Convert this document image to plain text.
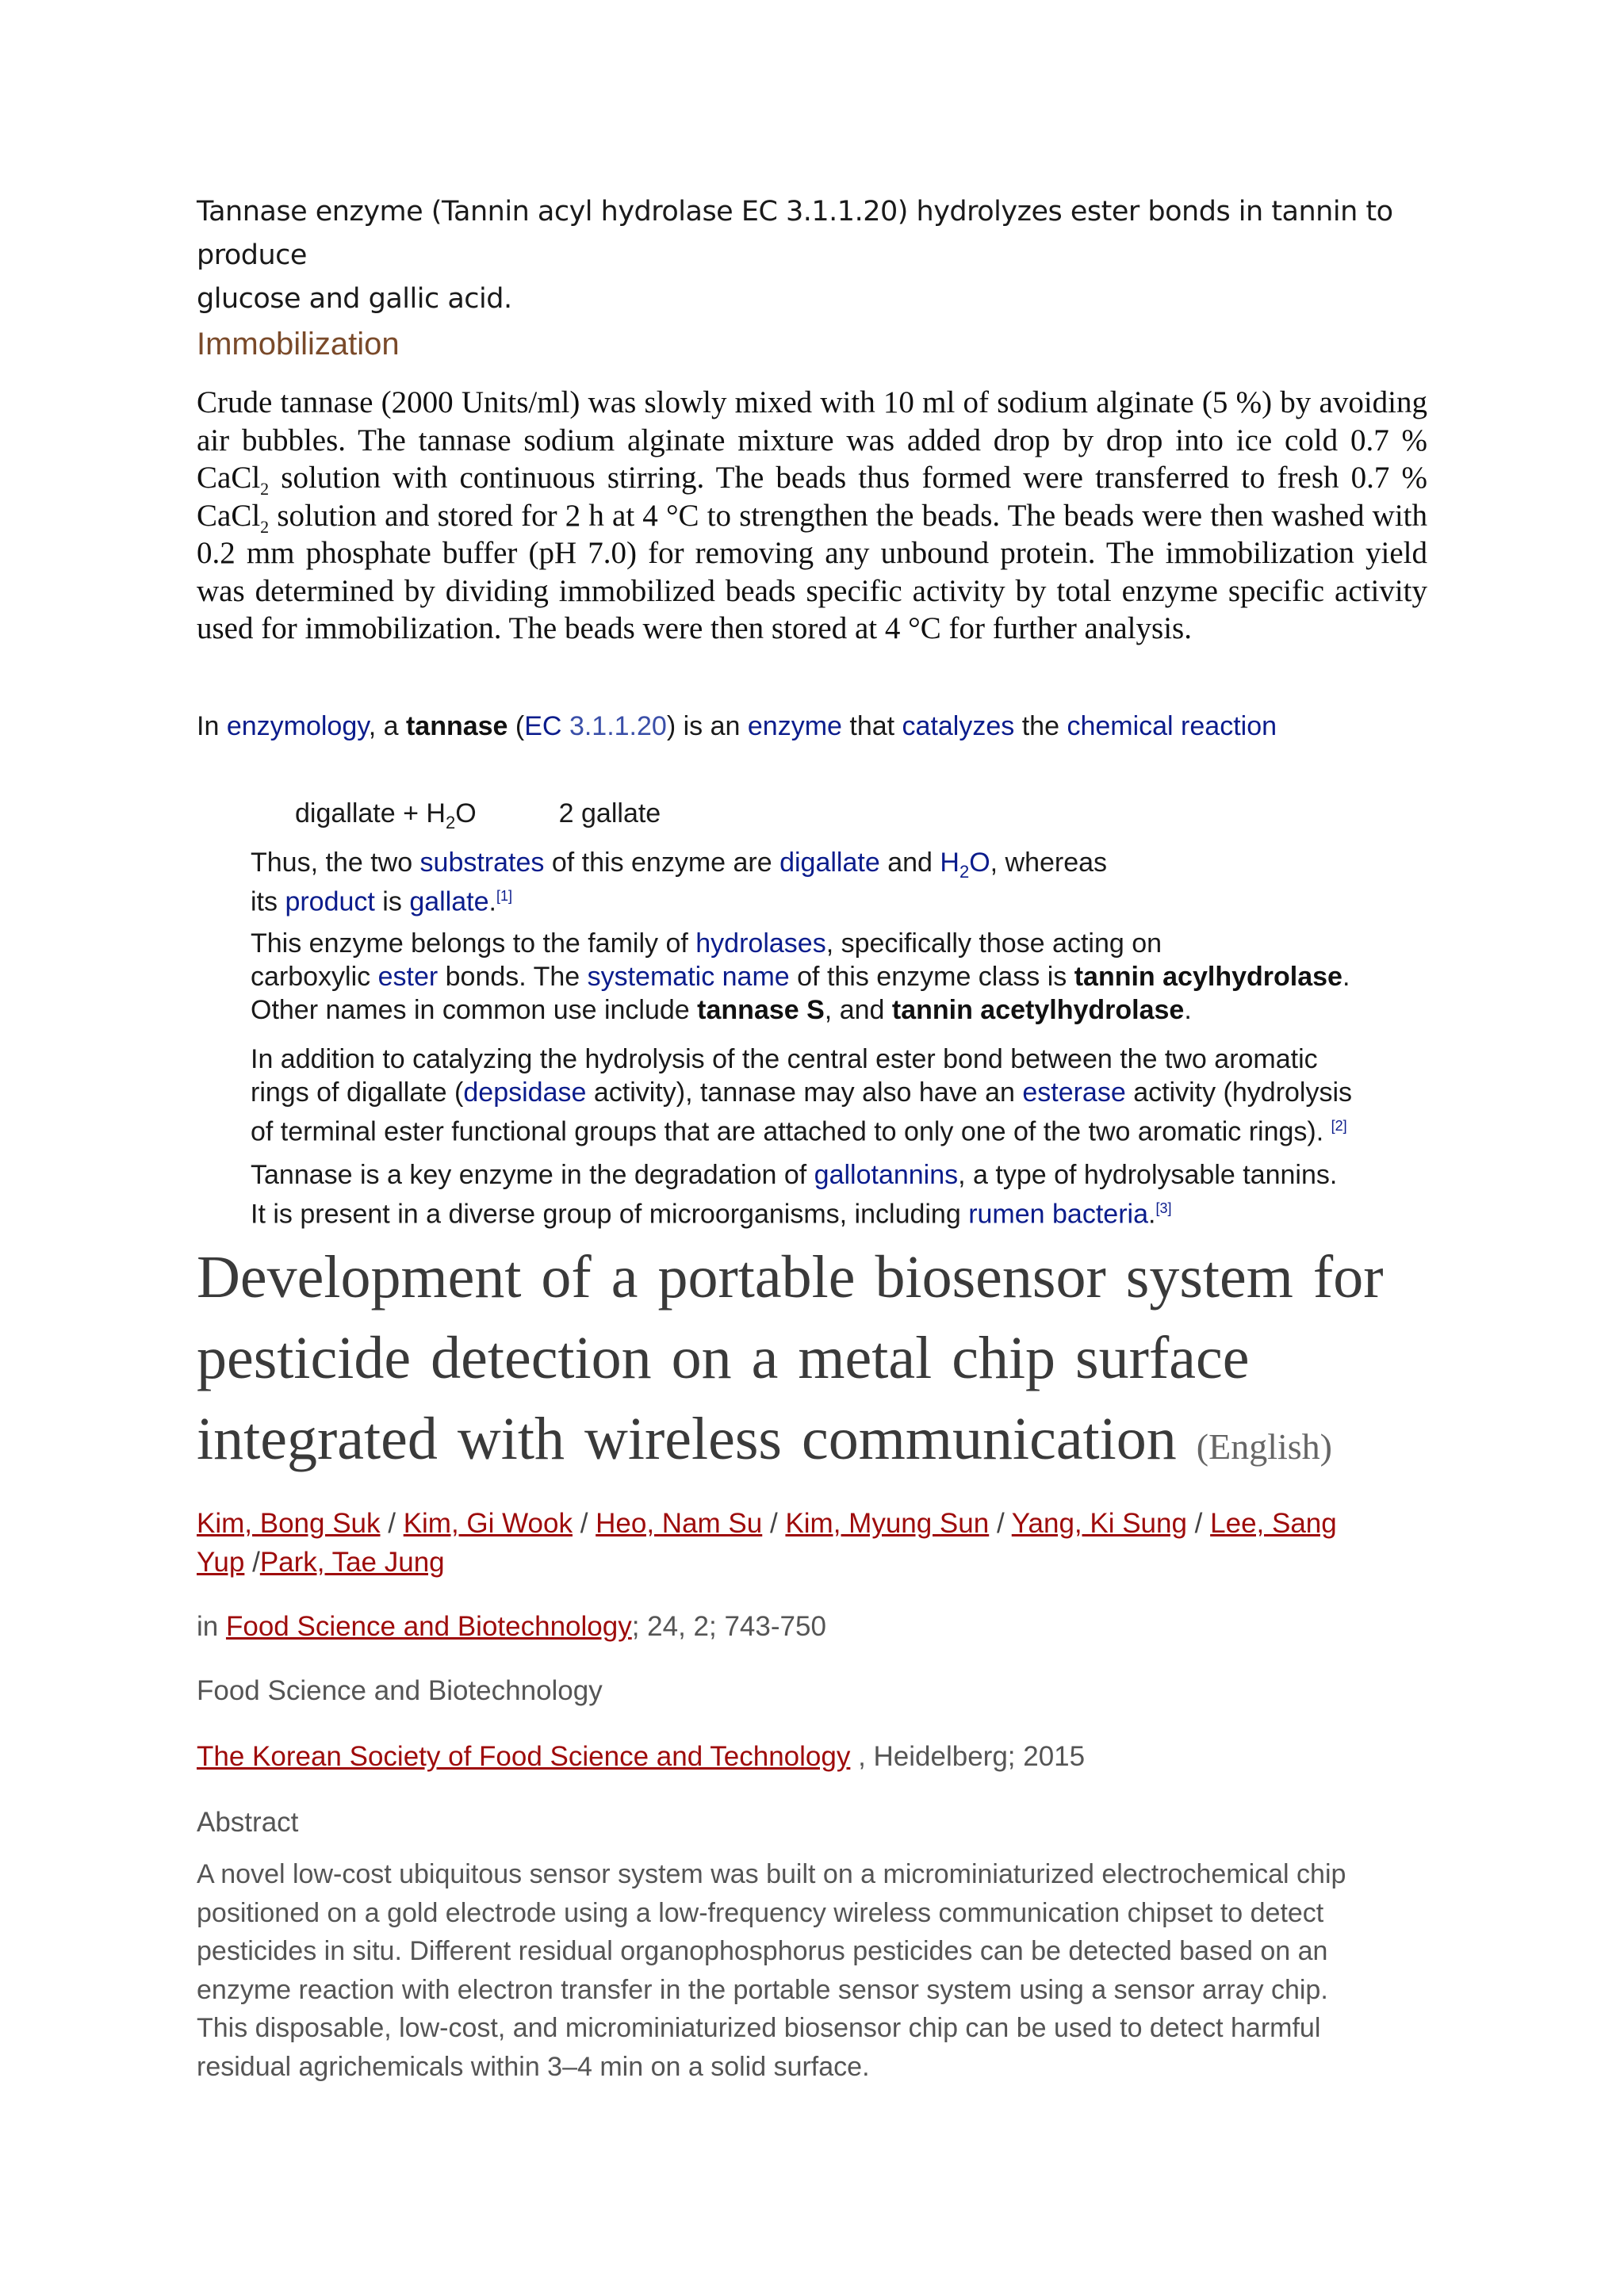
Tannase enzyme (Tannin acyl hydrolase EC 3.1.1.20) hydrolyzes ester bonds in tannin to produce
glucose and gallic acid.
Immobilization
Crude tannase (2000 Units/ml) was slowly mixed with 10 ml of sodium alginate (5 %) by avoiding air bubbles. The tannase sodium alginate mixture was added drop by drop into ice cold 0.7 % CaCl$_2$ solution with continuous stirring. The beads thus formed were transferred to fresh 0.7 % CaCl$_2$ solution and stored for 2 h at 4 °C to strengthen the beads. The beads were then washed with 0.2 mm phosphate buffer (pH 7.0) for removing any unbound protein. The immobilization yield was determined by dividing immobilized beads specific activity by total enzyme specific activity used for immobilization. The beads were then stored at 4 °C for further analysis.
In enzymology, a tannase (EC 3.1.1.20) is an enzyme that catalyzes the chemical reaction
digallate + $H_2O$	2 gallate
Thus, the two substrates of this enzyme are digallate and $H_2O$, whereas
its product is gallate.[1]
This enzyme belongs to the family of hydrolases, specifically those acting on
carboxylic ester bonds. The systematic name of this enzyme class is tannin acylhydrolase.
Other names in common use include tannase S, and tannin acetylhydrolase.
In addition to catalyzing the hydrolysis of the central ester bond between the two aromatic
rings of digallate (depsidase activity), tannase may also have an esterase activity (hydrolysis
of terminal ester functional groups that are attached to only one of the two aromatic rings). [2]
Tannase is a key enzyme in the degradation of gallotannins, a type of hydrolysable tannins.
It is present in a diverse group of microorganisms, including rumen bacteria.[3]
Development of a portable biosensor system for
pesticide detection on a metal chip surface
integrated with wireless communication (English)
Kim, Bong Suk / Kim, Gi Wook / Heo, Nam Su / Kim, Myung Sun / Yang, Ki Sung / Lee, Sang
Yup /Park, Tae Jung
in Food Science and Biotechnology; 24, 2; 743-750
Food Science and Biotechnology
The Korean Society of Food Science and Technology , Heidelberg; 2015
Abstract
A novel low-cost ubiquitous sensor system was built on a microminiaturized electrochemical chip
positioned on a gold electrode using a low-frequency wireless communication chipset to detect
pesticides in situ. Different residual organophosphorus pesticides can be detected based on an
enzyme reaction with electron transfer in the portable sensor system using a sensor array chip.
This disposable, low-cost, and microminiaturized biosensor chip can be used to detect harmful
residual agrichemicals within 3–4 min on a solid surface.
